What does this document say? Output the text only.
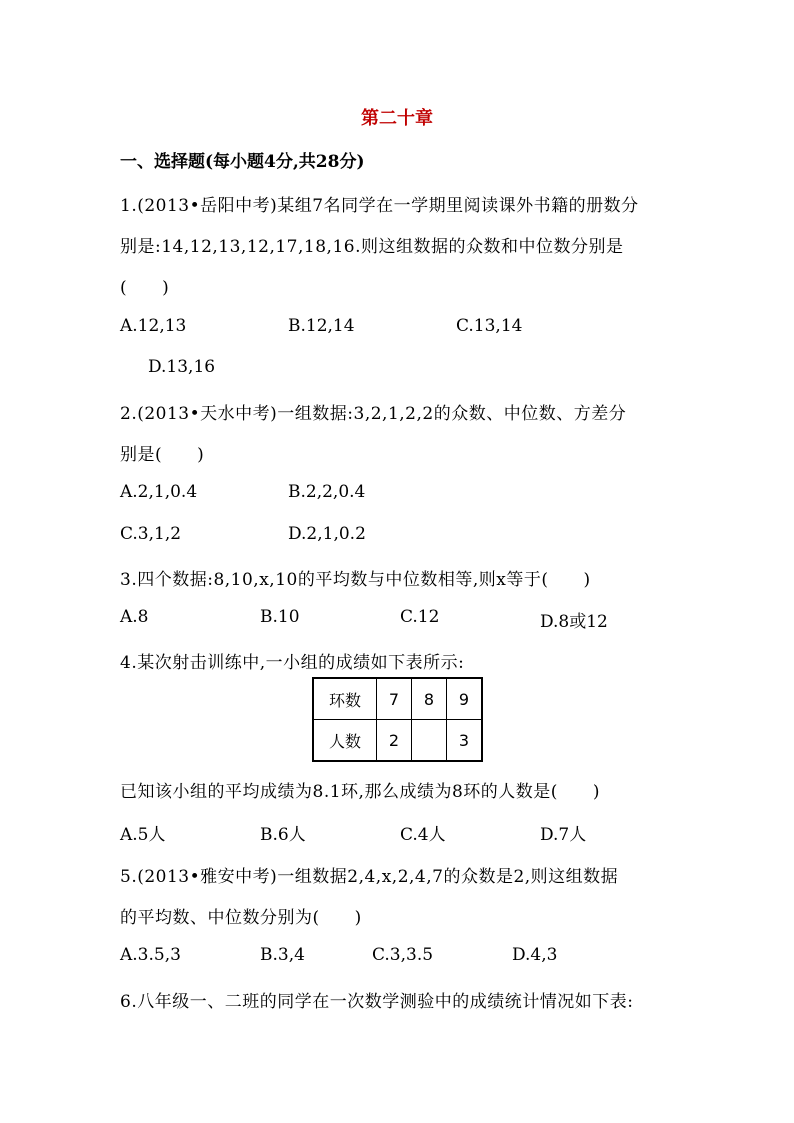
第二十章
一、选择题(每小题4分,共28分)
1.(2013•岳阳中考)某组7名同学在一学期里阅读课外书籍的册数分
别是:14,12,13,12,17,18,16.则这组数据的众数和中位数分别是
(　　)
A.12,13	B.12,14	C.13,14
D.13,16
2.(2013•天水中考)一组数据:3,2,1,2,2的众数、中位数、方差分
别是(　　)
A.2,1,0.4	B.2,2,0.4
C.3,1,2	D.2,1,0.2
3.四个数据:8,10,x,10的平均数与中位数相等,则x等于(　　)
A.8	B.10	C.12	D.8或12
4.某次射击训练中,一小组的成绩如下表所示:
环数	7	8	9
人数	2		3
已知该小组的平均成绩为8.1环,那么成绩为8环的人数是(　　)
A.5人	B.6人	C.4人	D.7人
5.(2013•雅安中考)一组数据2,4,x,2,4,7的众数是2,则这组数据
的平均数、中位数分别为(　　)
A.3.5,3	B.3,4	C.3,3.5	D.4,3
6.八年级一、二班的同学在一次数学测验中的成绩统计情况如下表:
